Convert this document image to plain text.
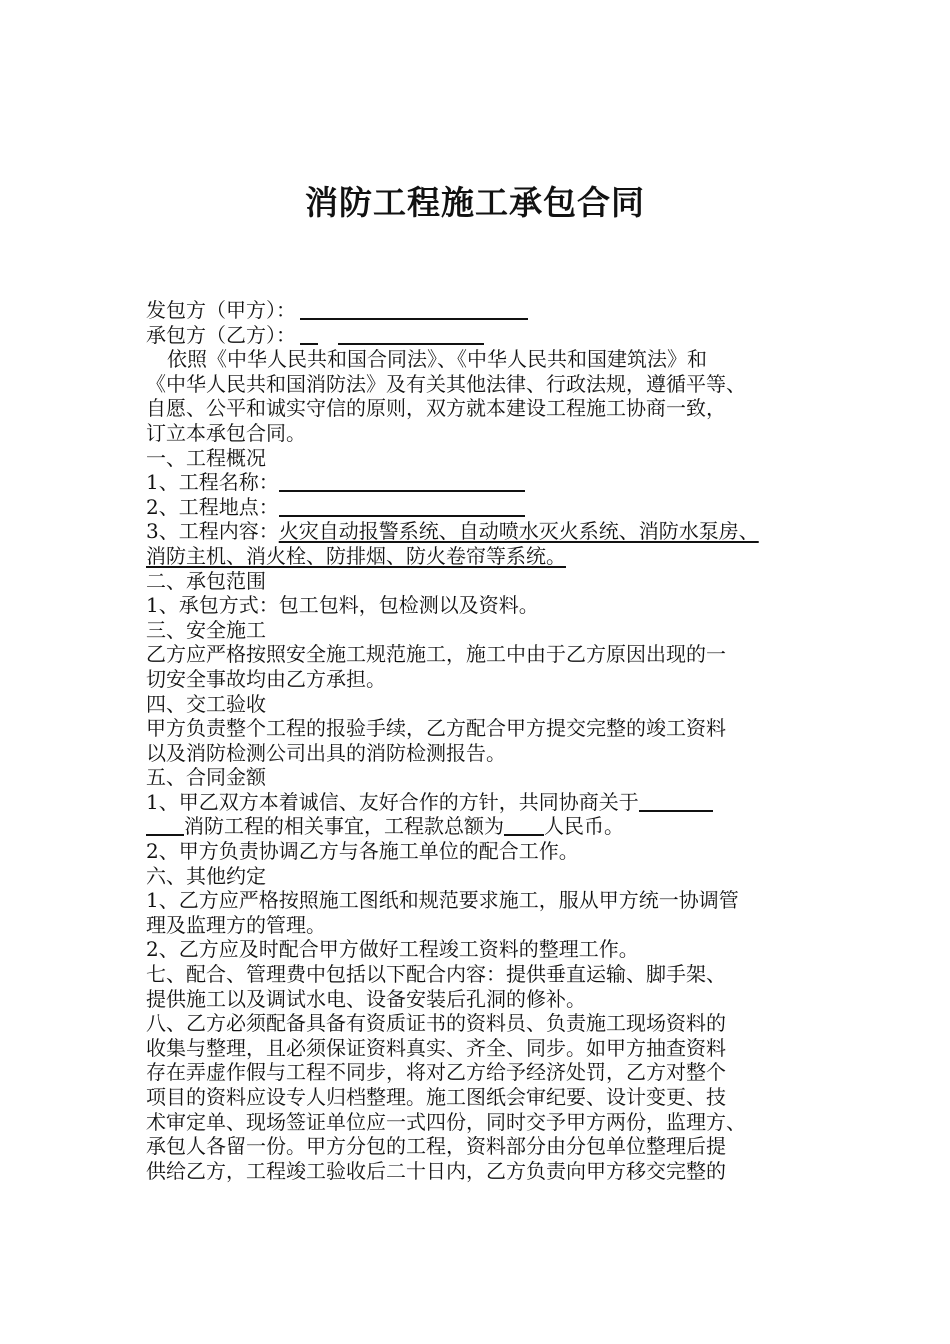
消防工程施工承包合同
发包方（甲方）：
承包方（乙方）：
依照《中华人民共和国合同法》、《中华人民共和国建筑法》和
《中华人民共和国消防法》及有关其他法律、行政法规，遵循平等、
自愿、公平和诚实守信的原则，双方就本建设工程施工协商一致，
订立本承包合同。
一、工程概况
1、工程名称：
2、工程地点：
3、工程内容：火灾自动报警系统、自动喷水灭火系统、消防水泵房、
消防主机、消火栓、防排烟、防火卷帘等系统。
二、承包范围
1、承包方式：包工包料，包检测以及资料。
三、安全施工
乙方应严格按照安全施工规范施工，施工中由于乙方原因出现的一
切安全事故均由乙方承担。
四、交工验收
甲方负责整个工程的报验手续，乙方配合甲方提交完整的竣工资料
以及消防检测公司出具的消防检测报告。
五、合同金额
1、甲乙双方本着诚信、友好合作的方针，共同协商关于
消防工程的相关事宜，工程款总额为 人民币。
2、甲方负责协调乙方与各施工单位的配合工作。
六、其他约定
1、乙方应严格按照施工图纸和规范要求施工，服从甲方统一协调管
理及监理方的管理。
2、乙方应及时配合甲方做好工程竣工资料的整理工作。
七、配合、管理费中包括以下配合内容：提供垂直运输、脚手架、
提供施工以及调试水电、设备安装后孔洞的修补。
八、乙方必须配备具备有资质证书的资料员、负责施工现场资料的
收集与整理，且必须保证资料真实、齐全、同步。如甲方抽查资料
存在弄虚作假与工程不同步，将对乙方给予经济处罚，乙方对整个
项目的资料应设专人归档整理。施工图纸会审纪要、设计变更、技
术审定单、现场签证单位应一式四份，同时交予甲方两份，监理方、
承包人各留一份。甲方分包的工程，资料部分由分包单位整理后提
供给乙方，工程竣工验收后二十日内，乙方负责向甲方移交完整的
